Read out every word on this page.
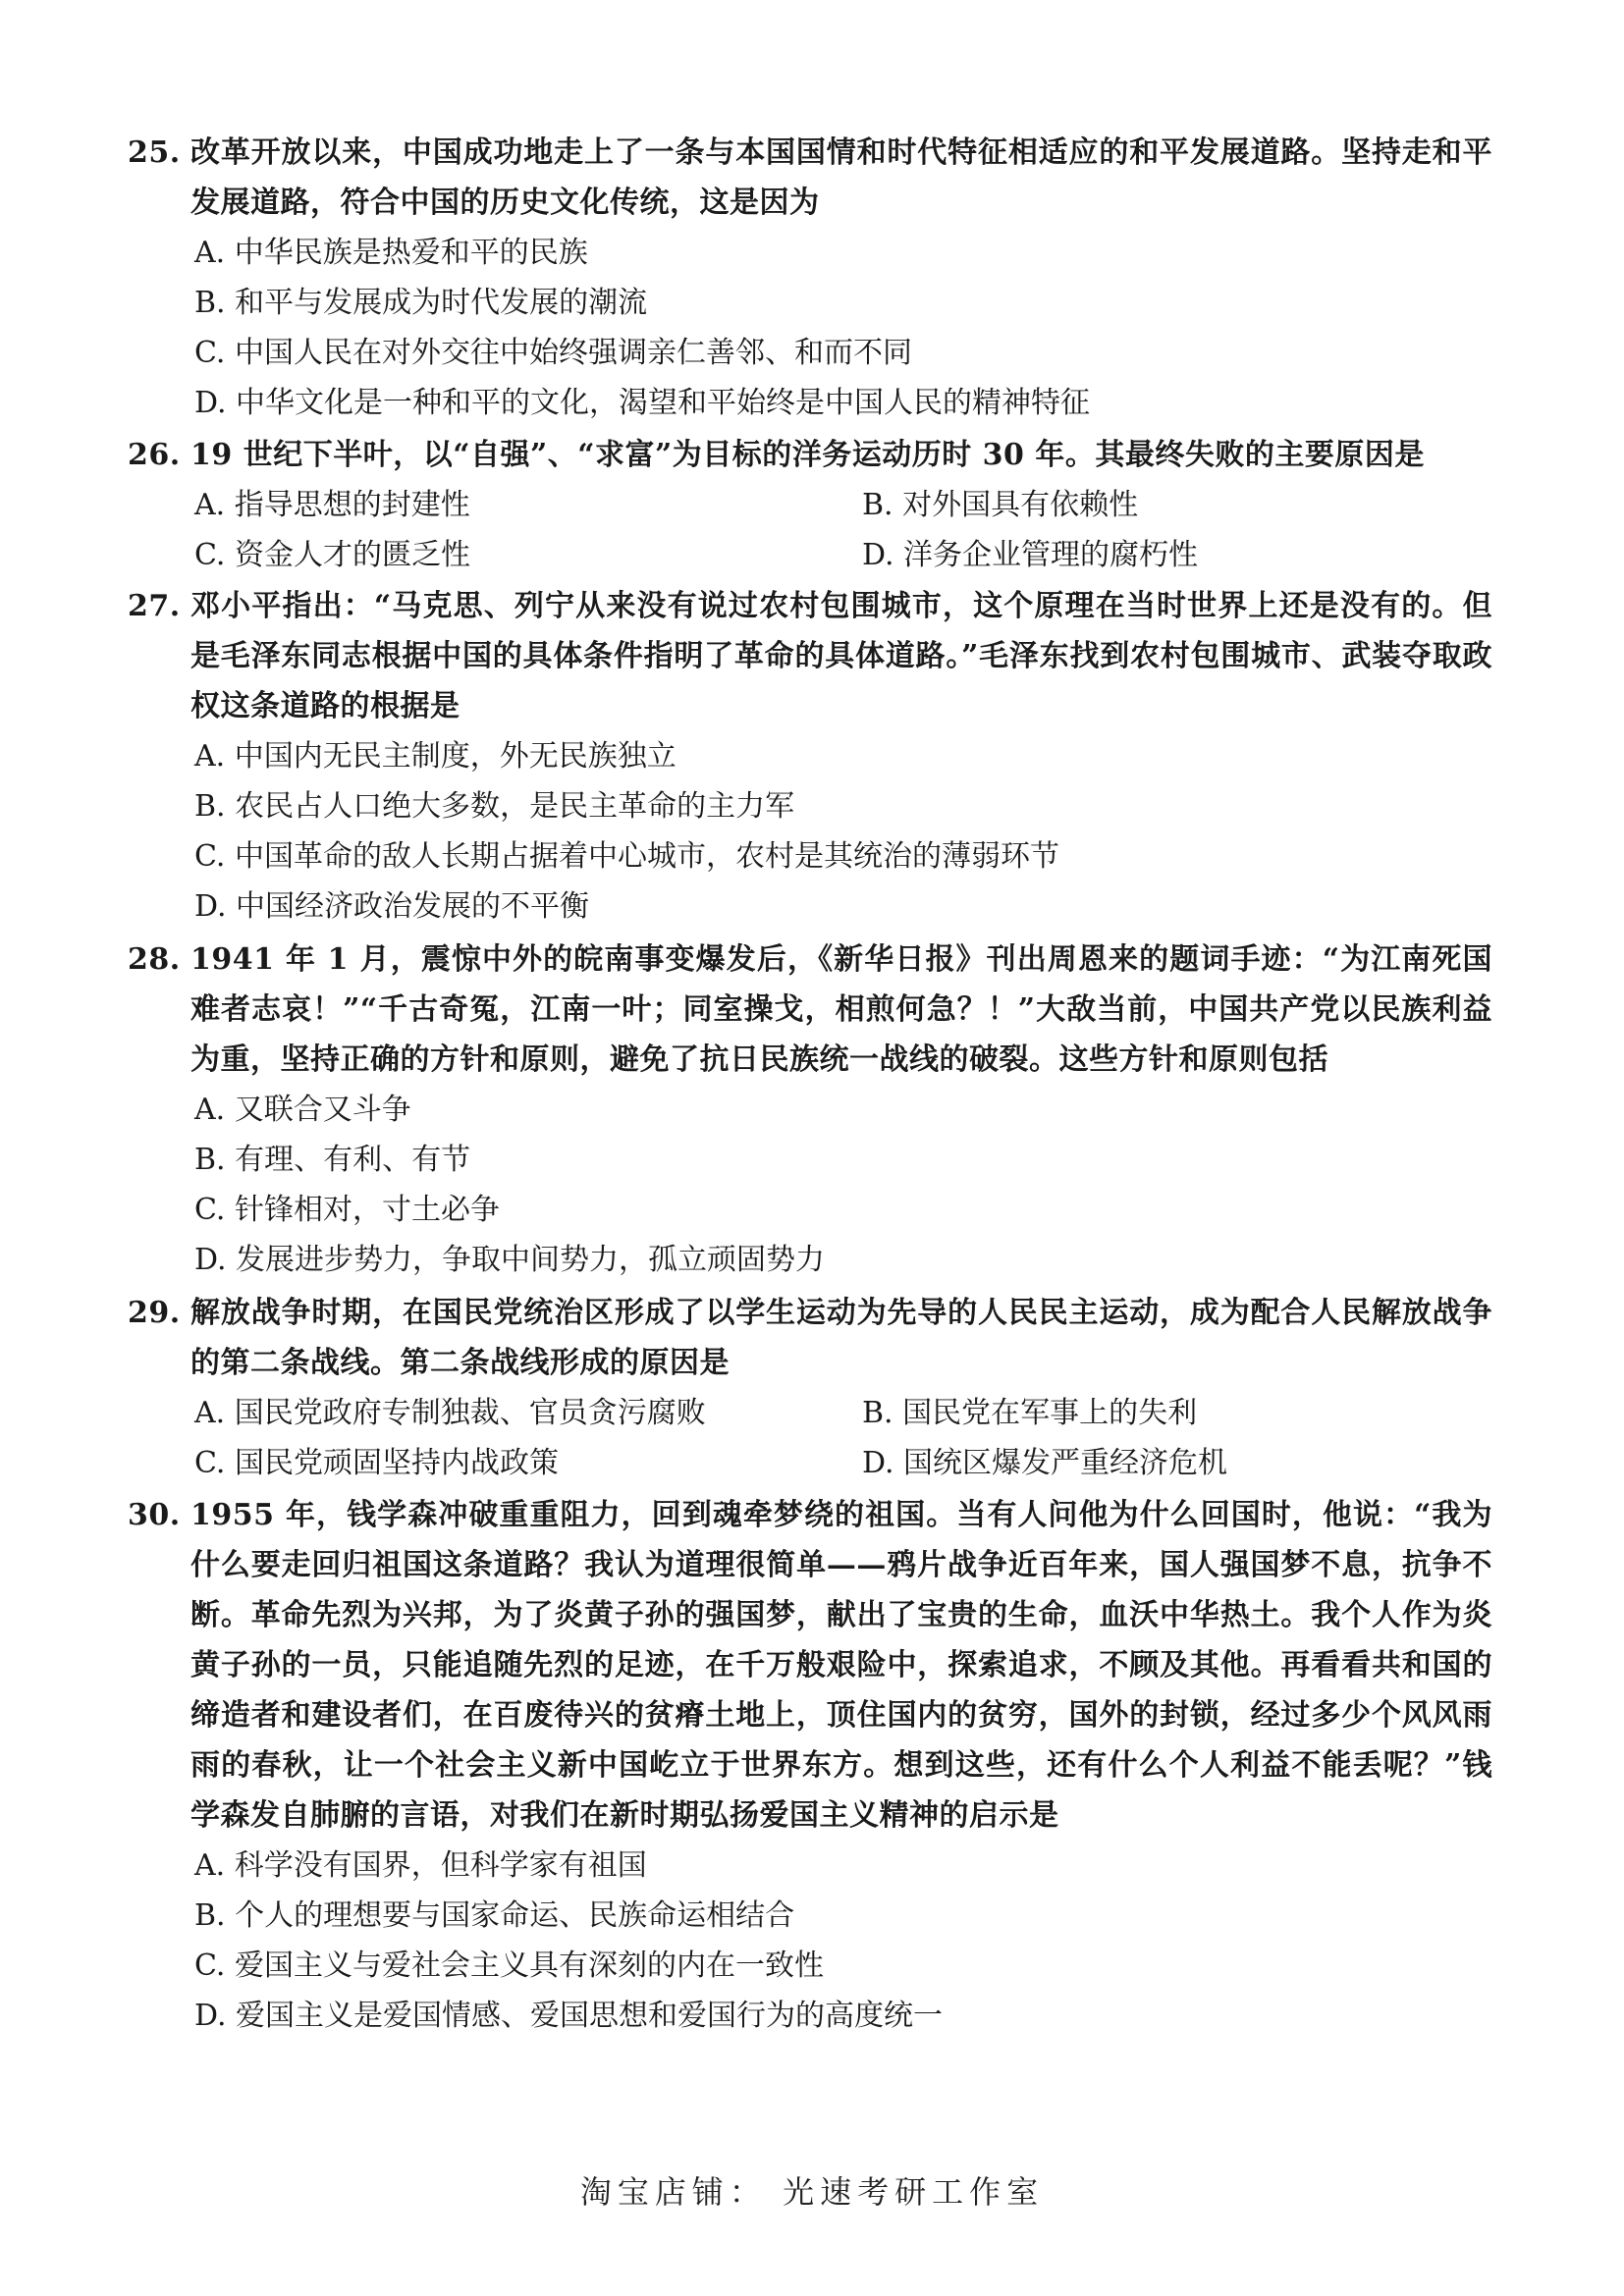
25. 改革开放以来，中国成功地走上了一条与本国国情和时代特征相适应的和平发展道路。坚持走和平发展道路，符合中国的历史文化传统，这是因为
A. 中华民族是热爱和平的民族
B. 和平与发展成为时代发展的潮流
C. 中国人民在对外交往中始终强调亲仁善邻、和而不同
D. 中华文化是一种和平的文化，渴望和平始终是中国人民的精神特征
26. 19 世纪下半叶，以“自强”、“求富”为目标的洋务运动历时 30 年。其最终失败的主要原因是
A. 指导思想的封建性	B. 对外国具有依赖性
C. 资金人才的匮乏性	D. 洋务企业管理的腐朽性
27. 邓小平指出：“马克思、列宁从来没有说过农村包围城市，这个原理在当时世界上还是没有的。但是毛泽东同志根据中国的具体条件指明了革命的具体道路。”毛泽东找到农村包围城市、武装夺取政权这条道路的根据是
A. 中国内无民主制度，外无民族独立
B. 农民占人口绝大多数，是民主革命的主力军
C. 中国革命的敌人长期占据着中心城市，农村是其统治的薄弱环节
D. 中国经济政治发展的不平衡
28. 1941 年 1 月，震惊中外的皖南事变爆发后，《新华日报》刊出周恩来的题词手迹：“为江南死国难者志哀！”“千古奇冤，江南一叶；同室操戈，相煎何急？！”大敌当前，中国共产党以民族利益为重，坚持正确的方针和原则，避免了抗日民族统一战线的破裂。这些方针和原则包括
A. 又联合又斗争
B. 有理、有利、有节
C. 针锋相对，寸土必争
D. 发展进步势力，争取中间势力，孤立顽固势力
29. 解放战争时期，在国民党统治区形成了以学生运动为先导的人民民主运动，成为配合人民解放战争的第二条战线。第二条战线形成的原因是
A. 国民党政府专制独裁、官员贪污腐败	B. 国民党在军事上的失利
C. 国民党顽固坚持内战政策	D. 国统区爆发严重经济危机
30. 1955 年，钱学森冲破重重阻力，回到魂牵梦绕的祖国。当有人问他为什么回国时，他说：“我为什么要走回归祖国这条道路？我认为道理很简单——鸦片战争近百年来，国人强国梦不息，抗争不断。革命先烈为兴邦，为了炎黄子孙的强国梦，献出了宝贵的生命，血沃中华热土。我个人作为炎黄子孙的一员，只能追随先烈的足迹，在千万般艰险中，探索追求，不顾及其他。再看看共和国的缔造者和建设者们，在百废待兴的贫瘠土地上，顶住国内的贫穷，国外的封锁，经过多少个风风雨雨的春秋，让一个社会主义新中国屹立于世界东方。想到这些，还有什么个人利益不能丢呢？”钱学森发自肺腑的言语，对我们在新时期弘扬爱国主义精神的启示是
A. 科学没有国界，但科学家有祖国
B. 个人的理想要与国家命运、民族命运相结合
C. 爱国主义与爱社会主义具有深刻的内在一致性
D. 爱国主义是爱国情感、爱国思想和爱国行为的高度统一
淘宝店铺： 光速考研工作室
